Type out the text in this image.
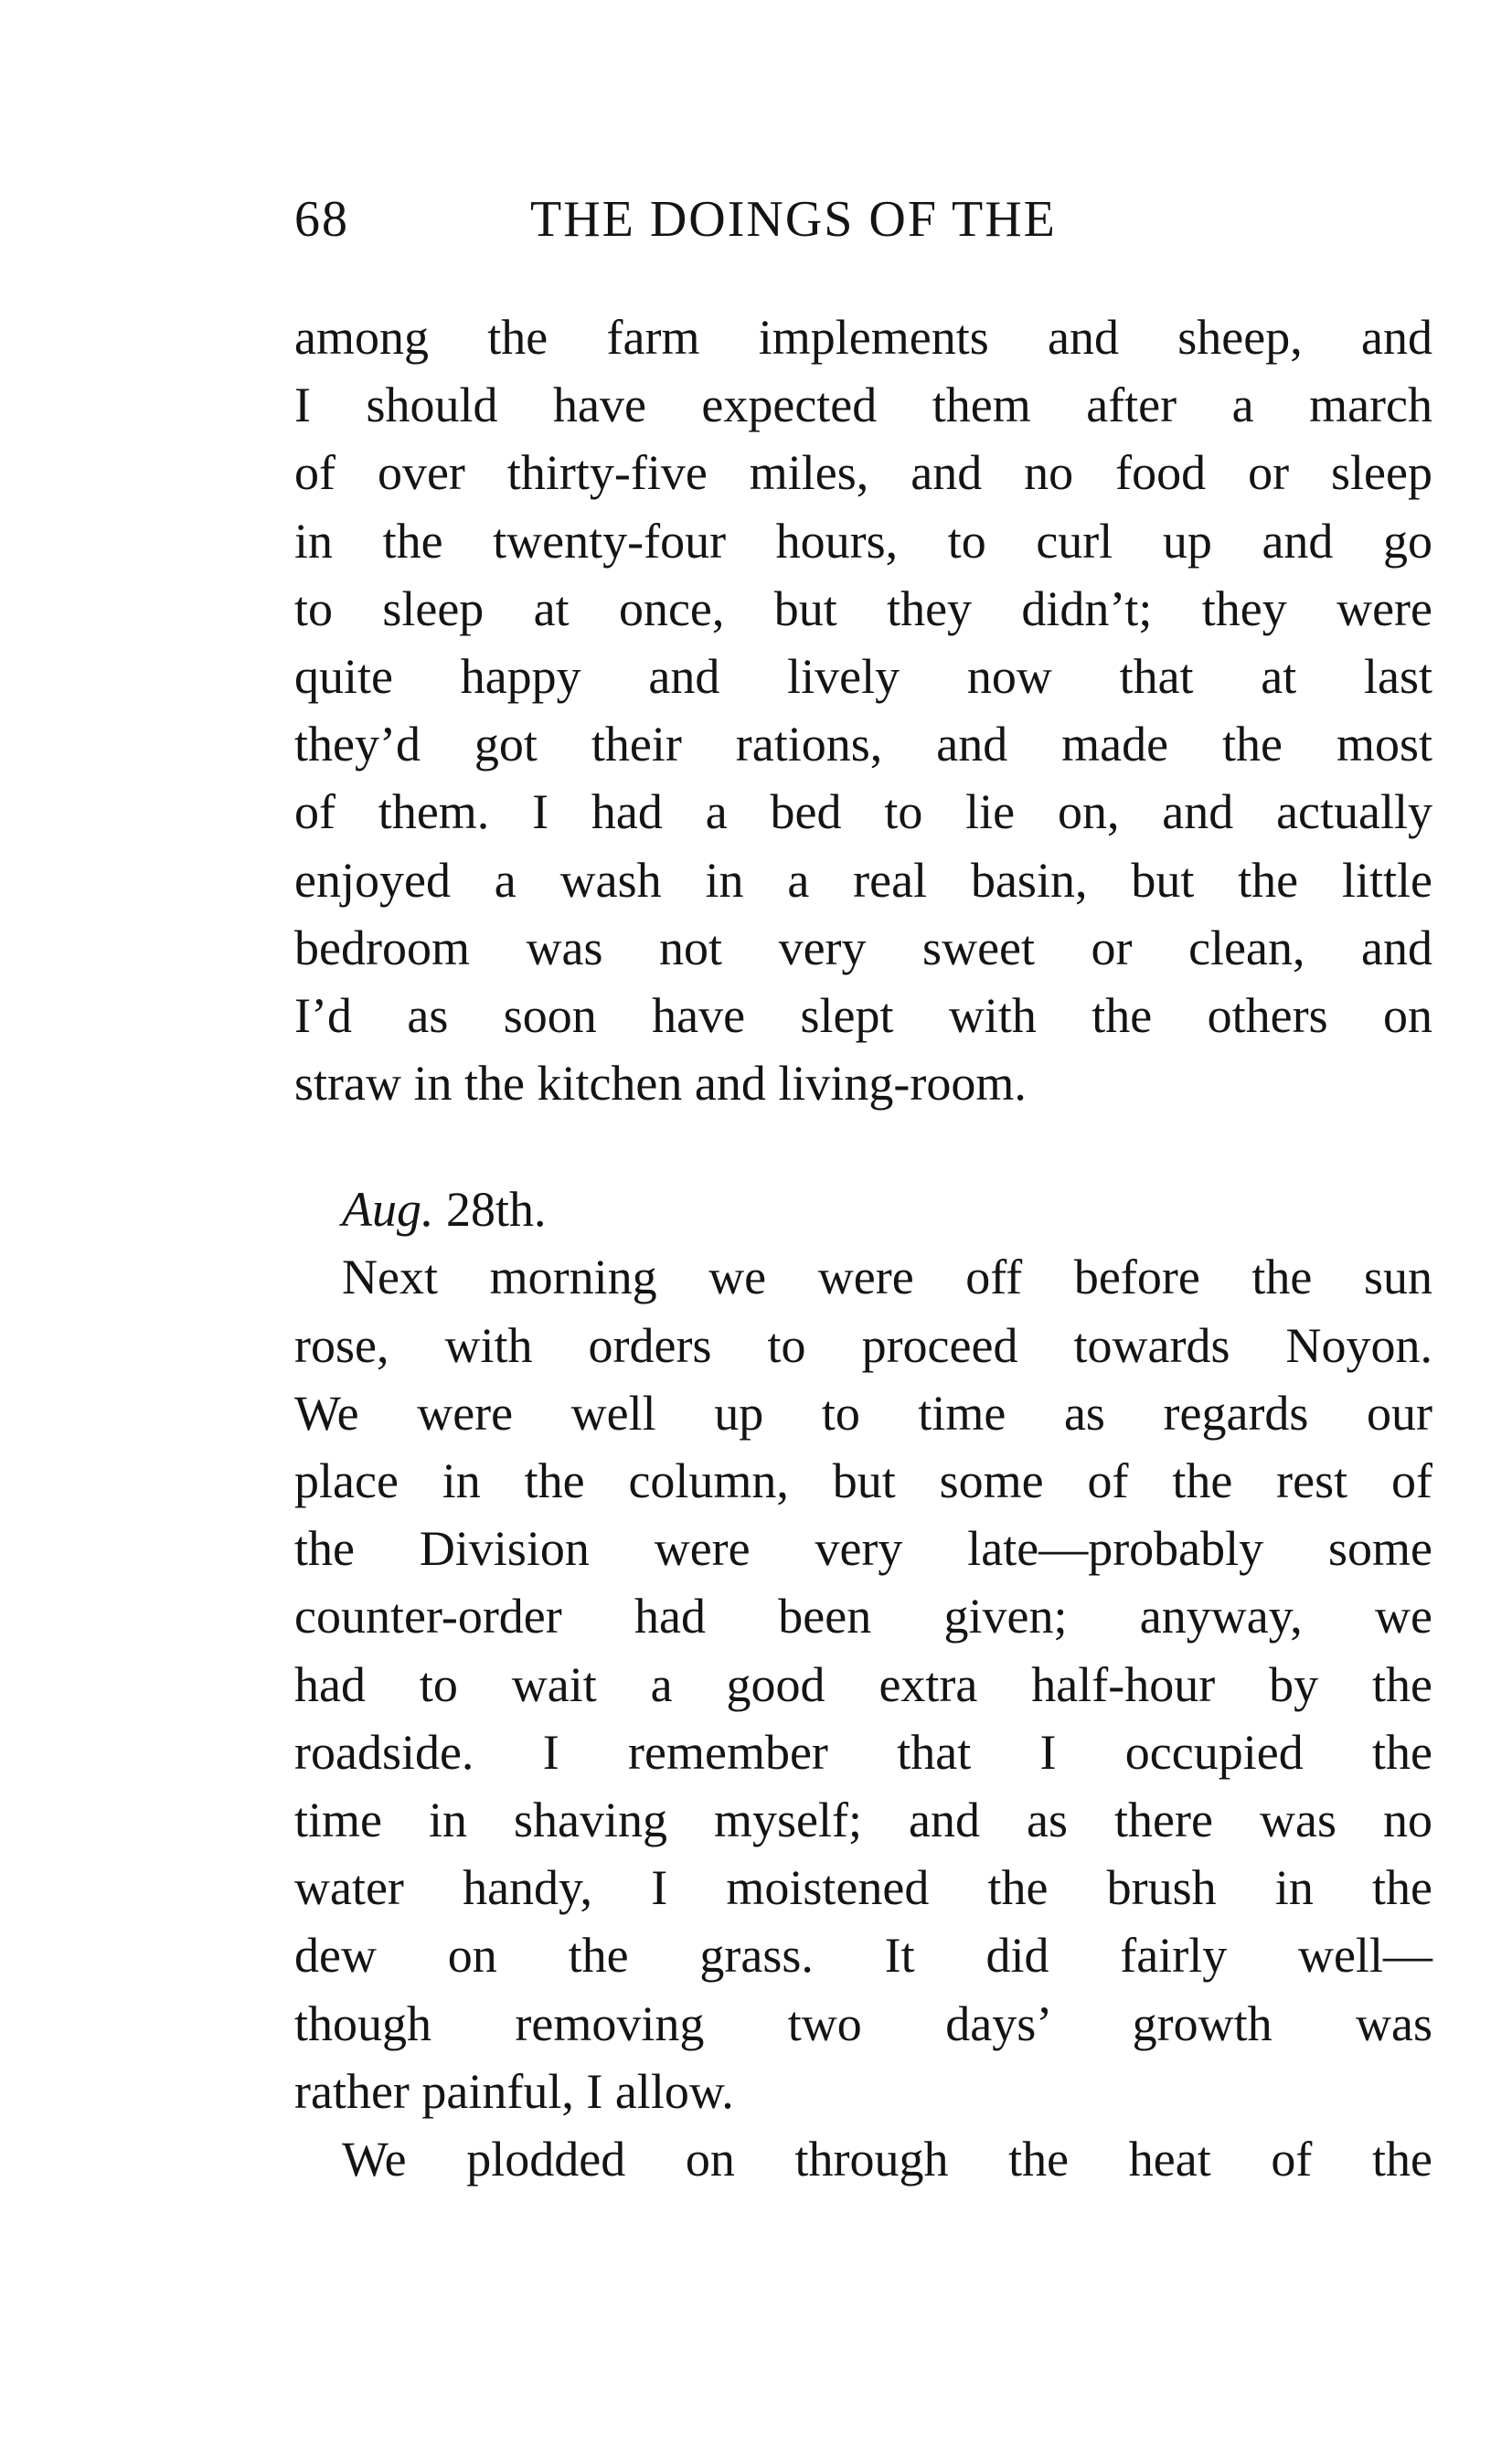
68	THE DOINGS OF THE
among the farm implements and sheep, and
I should have expected them after a march
of over thirty-five miles, and no food or sleep
in the twenty-four hours, to curl up and go
to sleep at once, but they didn’t; they were
quite happy and lively now that at last
they’d got their rations, and made the most
of them. I had a bed to lie on, and actually
enjoyed a wash in a real basin, but the little
bedroom was not very sweet or clean, and
I’d as soon have slept with the others on
straw in the kitchen and living-room.
Aug. 28th.
Next morning we were off before the sun
rose, with orders to proceed towards Noyon.
We were well up to time as regards our
place in the column, but some of the rest of
the Division were very late—probably some
counter-order had been given; anyway, we
had to wait a good extra half-hour by the
roadside. I remember that I occupied the
time in shaving myself; and as there was no
water handy, I moistened the brush in the
dew on the grass. It did fairly well—
though removing two days’ growth was
rather painful, I allow.
We plodded on through the heat of the
